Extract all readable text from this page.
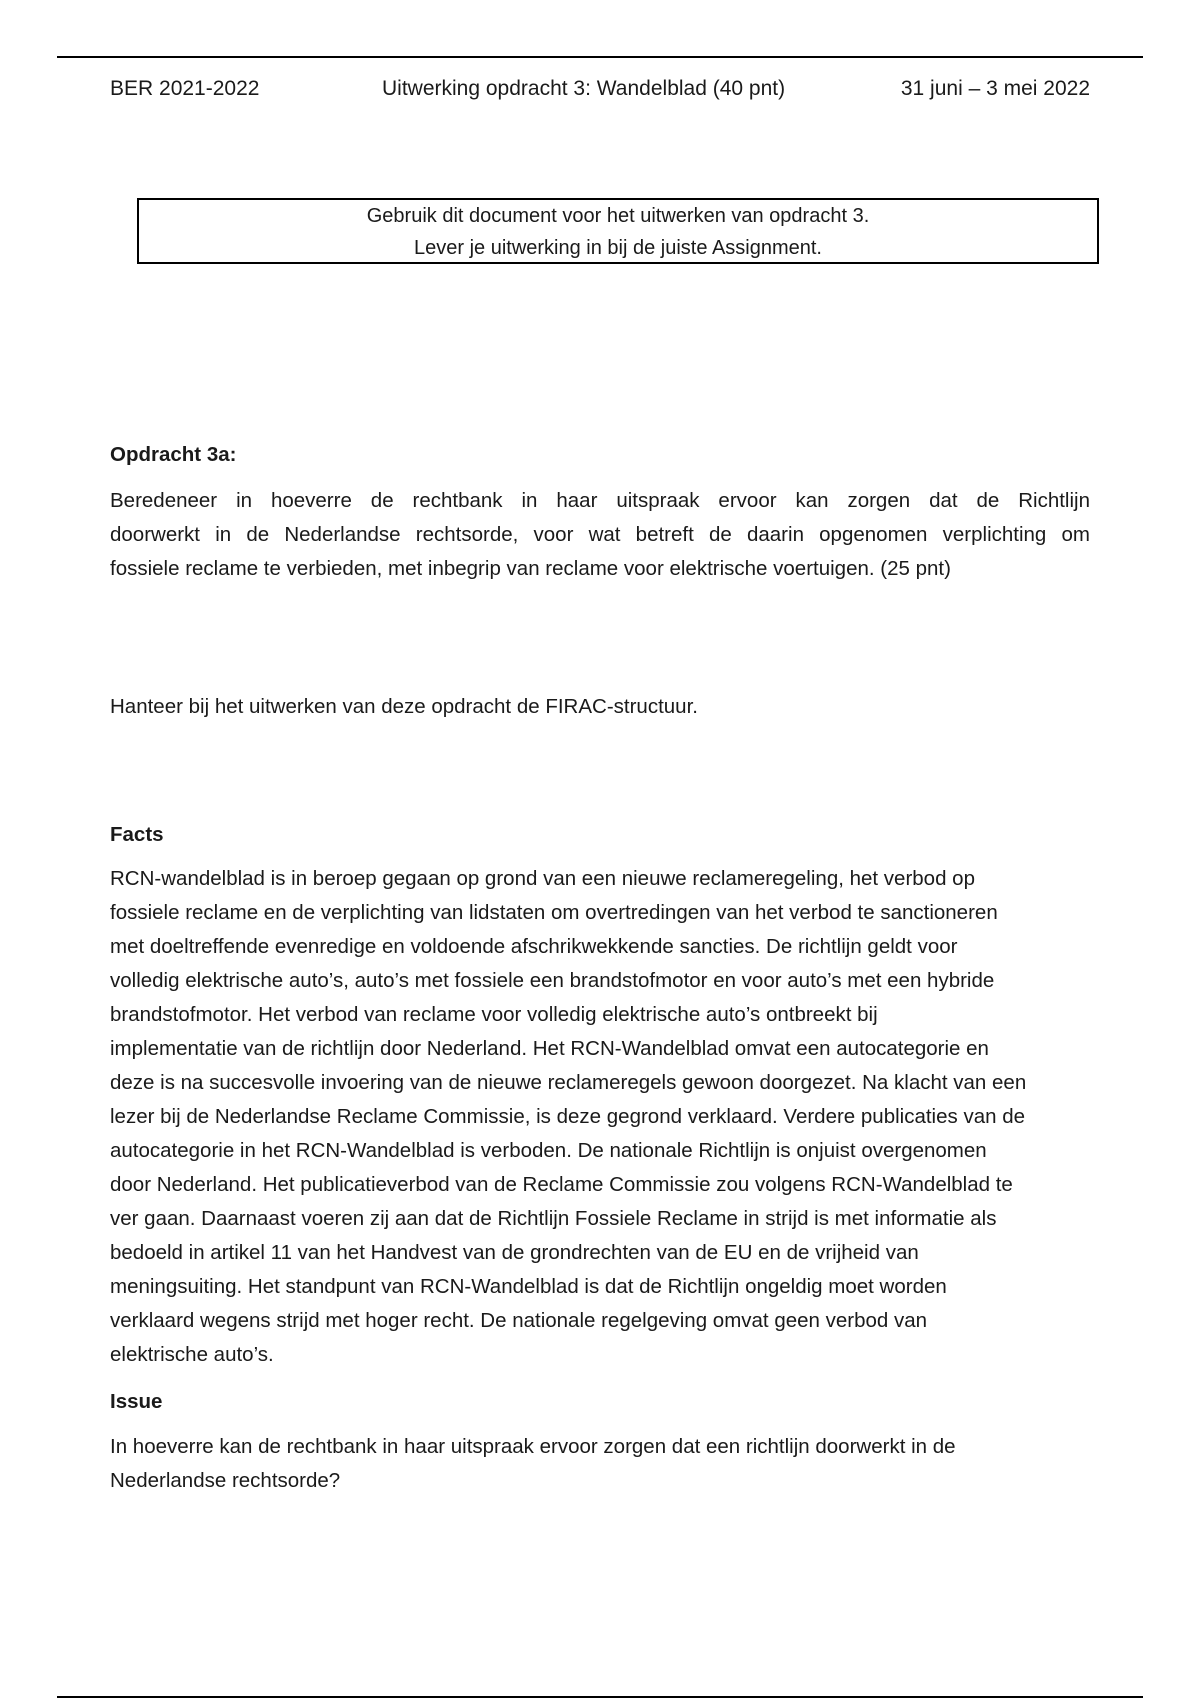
BER 2021-2022	Uitwerking opdracht 3: Wandelblad (40 pnt)	31 juni – 3 mei 2022
Gebruik dit document voor het uitwerken van opdracht 3.
Lever je uitwerking in bij de juiste Assignment.
Opdracht 3a:
Beredeneer in hoeverre de rechtbank in haar uitspraak ervoor kan zorgen dat de Richtlijn
doorwerkt in de Nederlandse rechtsorde, voor wat betreft de daarin opgenomen verplichting om
fossiele reclame te verbieden, met inbegrip van reclame voor elektrische voertuigen. (25 pnt)
Hanteer bij het uitwerken van deze opdracht de FIRAC-structuur.
Facts
RCN-wandelblad is in beroep gegaan op grond van een nieuwe reclameregeling, het verbod op
fossiele reclame en de verplichting van lidstaten om overtredingen van het verbod te sanctioneren
met doeltreffende evenredige en voldoende afschrikwekkende sancties. De richtlijn geldt voor
volledig elektrische auto’s, auto’s met fossiele een brandstofmotor en voor auto’s met een hybride
brandstofmotor. Het verbod van reclame voor volledig elektrische auto’s ontbreekt bij
implementatie van de richtlijn door Nederland. Het RCN-Wandelblad omvat een autocategorie en
deze is na succesvolle invoering van de nieuwe reclameregels gewoon doorgezet. Na klacht van een
lezer bij de Nederlandse Reclame Commissie, is deze gegrond verklaard. Verdere publicaties van de
autocategorie in het RCN-Wandelblad is verboden. De nationale Richtlijn is onjuist overgenomen
door Nederland. Het publicatieverbod van de Reclame Commissie zou volgens RCN-Wandelblad te
ver gaan. Daarnaast voeren zij aan dat de Richtlijn Fossiele Reclame in strijd is met informatie als
bedoeld in artikel 11 van het Handvest van de grondrechten van de EU en de vrijheid van
meningsuiting. Het standpunt van RCN-Wandelblad is dat de Richtlijn ongeldig moet worden
verklaard wegens strijd met hoger recht. De nationale regelgeving omvat geen verbod van
elektrische auto’s.
Issue
In hoeverre kan de rechtbank in haar uitspraak ervoor zorgen dat een richtlijn doorwerkt in de
Nederlandse rechtsorde?
